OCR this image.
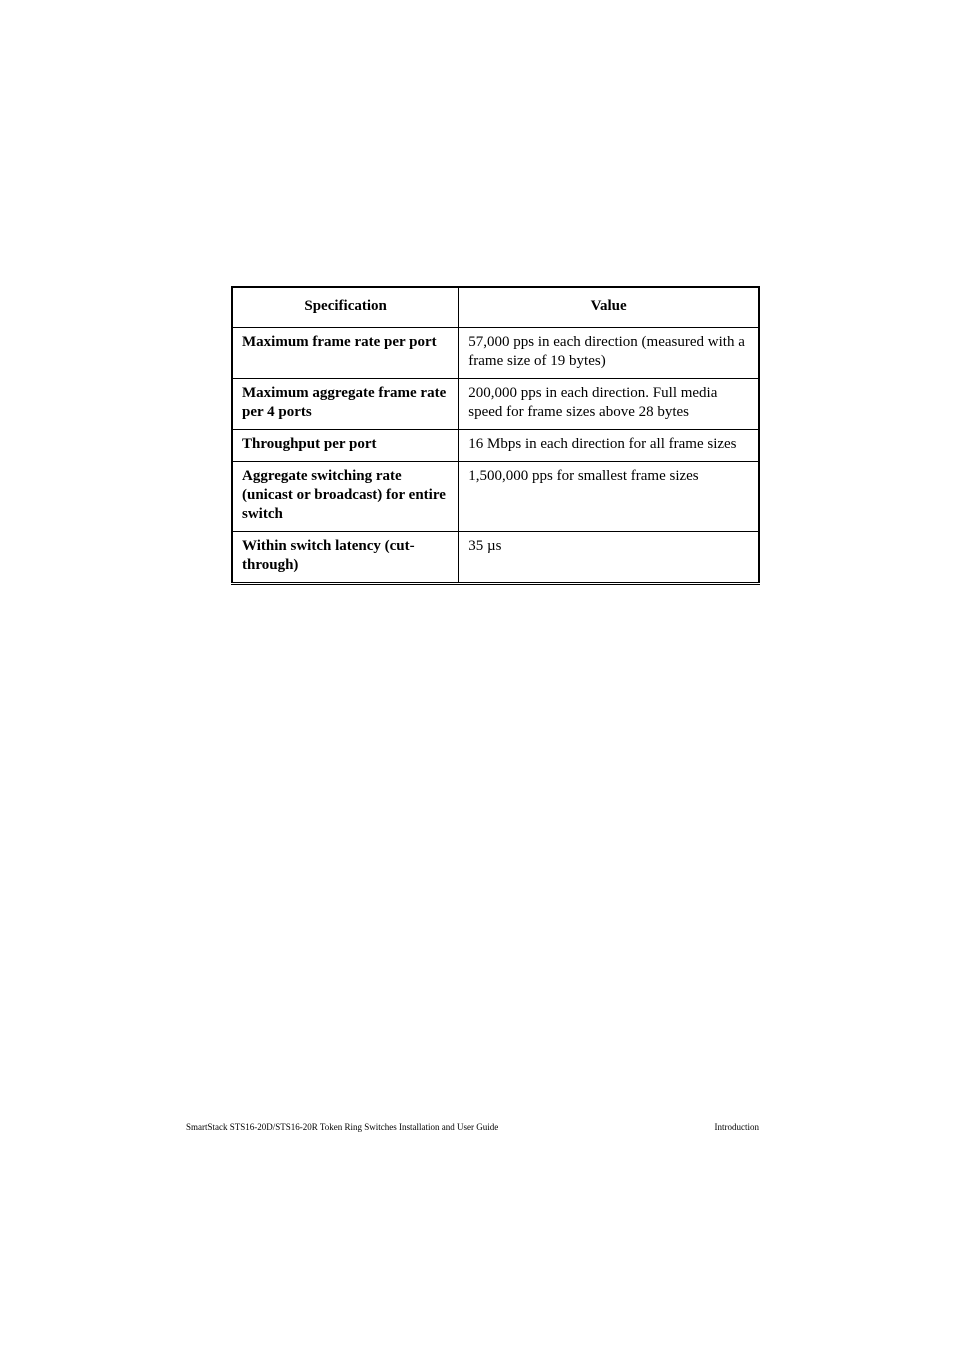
Specification	Value
Maximum frame rate per port	57,000 pps in each direction (measured with a frame size of 19 bytes)
Maximum aggregate frame rate per 4 ports	200,000 pps in each direction. Full media speed for frame sizes above 28 bytes
Throughput per port	16 Mbps in each direction for all frame sizes
Aggregate switching rate (unicast or broadcast) for entire switch	1,500,000 pps for smallest frame sizes
Within switch latency (cut-through)	35 µs
SmartStack STS16-20D/STS16-20R Token Ring Switches Installation and User Guide	Introduction
